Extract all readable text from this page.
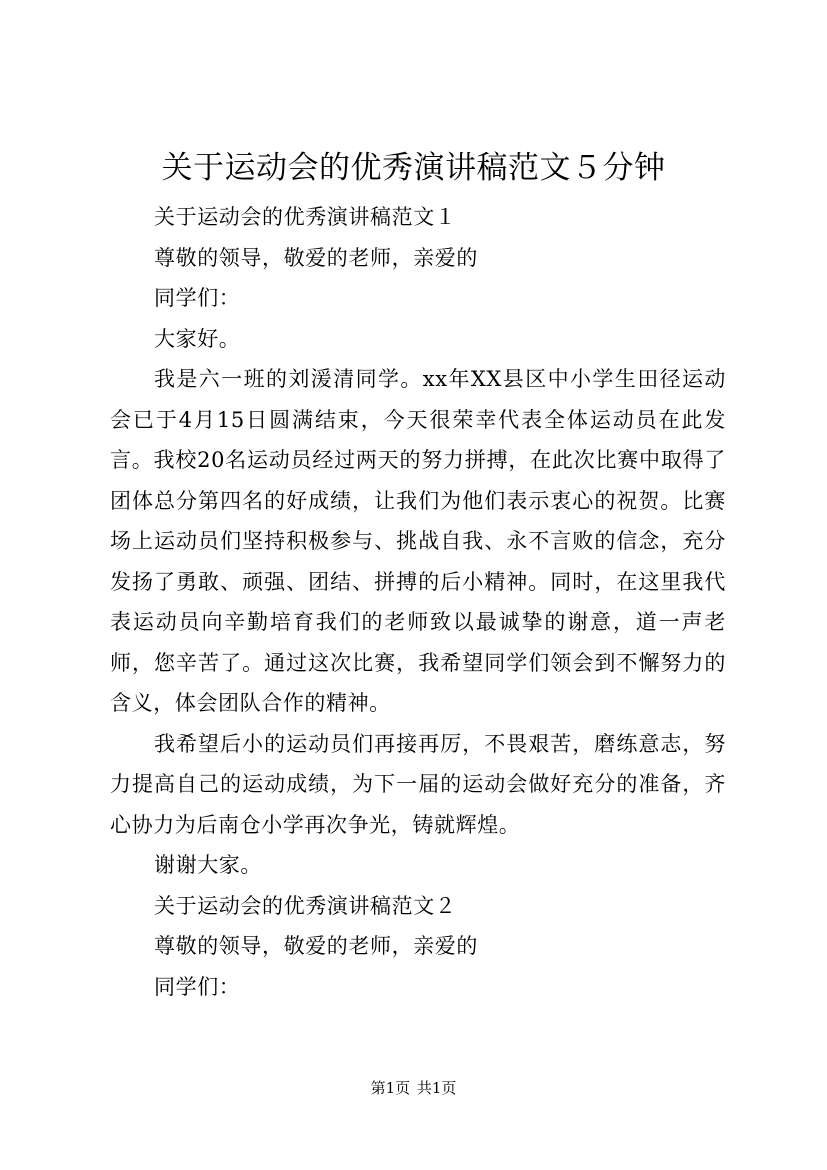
关于运动会的优秀演讲稿范文５分钟

关于运动会的优秀演讲稿范文１

尊敬的领导，敬爱的老师，亲爱的

同学们：

大家好。

我是六一班的刘湲清同学。xx年XX县区中小学生田径运动会已于4月15日圆满结束，今天很荣幸代表全体运动员在此发言。我校20名运动员经过两天的努力拼搏，在此次比赛中取得了团体总分第四名的好成绩，让我们为他们表示衷心的祝贺。比赛场上运动员们坚持积极参与、挑战自我、永不言败的信念，充分发扬了勇敢、顽强、团结、拼搏的后小精神。同时，在这里我代表运动员向辛勤培育我们的老师致以最诚挚的谢意，道一声老师，您辛苦了。通过这次比赛，我希望同学们领会到不懈努力的含义，体会团队合作的精神。

我希望后小的运动员们再接再厉，不畏艰苦，磨练意志，努力提高自己的运动成绩，为下一届的运动会做好充分的准备，齐心协力为后南仓小学再次争光，铸就辉煌。

谢谢大家。

关于运动会的优秀演讲稿范文２

尊敬的领导，敬爱的老师，亲爱的

同学们：

第1页 共1页
